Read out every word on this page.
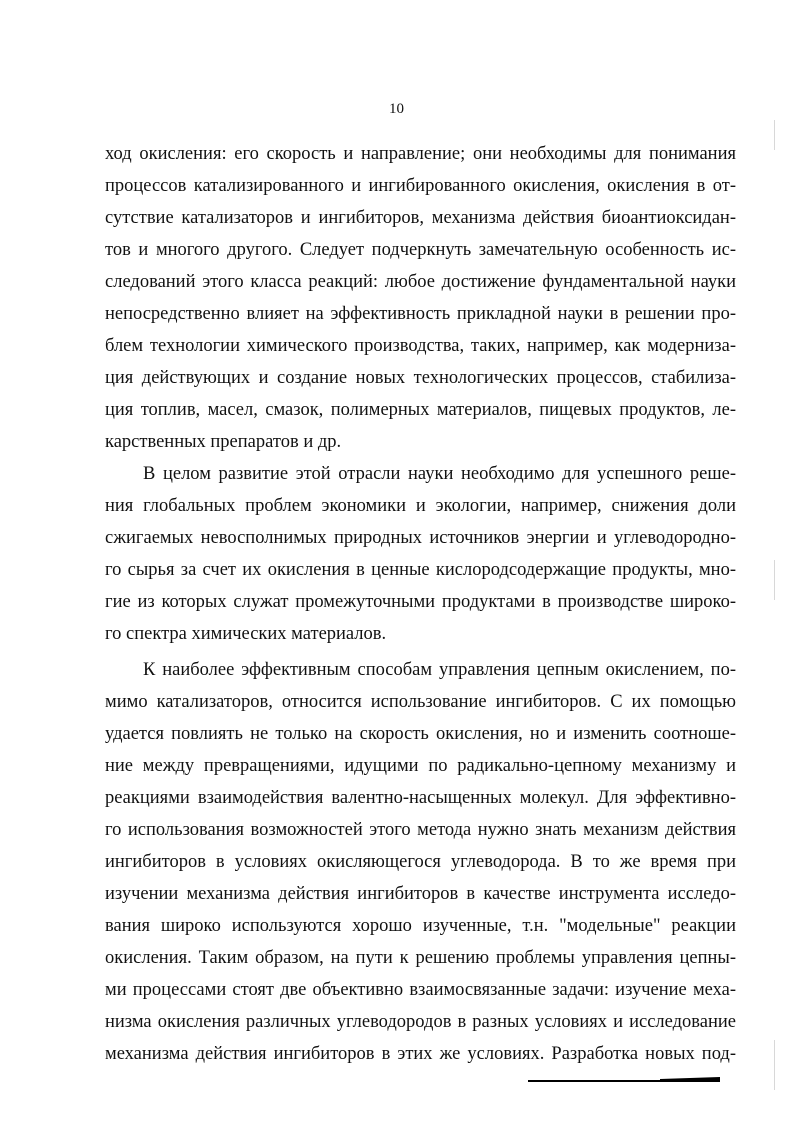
10
ход окисления: его скорость и направление; они необходимы для понимания
процессов катализированного и ингибированного окисления, окисления в от-
сутствие катализаторов и ингибиторов, механизма действия биоантиоксидан-
тов и многого другого. Следует подчеркнуть замечательную особенность ис-
следований этого класса реакций: любое достижение фундаментальной науки
непосредственно влияет на эффективность прикладной науки в решении про-
блем технологии химического производства, таких, например, как модерниза-
ция действующих и создание новых технологических процессов, стабилиза-
ция топлив, масел, смазок, полимерных материалов, пищевых продуктов, ле-
карственных препаратов и др.
В целом развитие этой отрасли науки необходимо для успешного реше-
ния глобальных проблем экономики и экологии, например, снижения доли
сжигаемых невосполнимых природных источников энергии и углеводородно-
го сырья за счет их окисления в ценные кислородсодержащие продукты, мно-
гие из которых служат промежуточными продуктами в производстве широко-
го спектра химических материалов.
К наиболее эффективным способам управления цепным окислением, по-
мимо катализаторов, относится использование ингибиторов. С их помощью
удается повлиять не только на скорость окисления, но и изменить соотноше-
ние между превращениями, идущими по радикально-цепному механизму и
реакциями взаимодействия валентно-насыщенных молекул. Для эффективно-
го использования возможностей этого метода нужно знать механизм действия
ингибиторов в условиях окисляющегося углеводорода. В то же время при
изучении механизма действия ингибиторов в качестве инструмента исследо-
вания широко используются хорошо изученные, т.н. "модельные" реакции
окисления. Таким образом, на пути к решению проблемы управления цепны-
ми процессами стоят две объективно взаимосвязанные задачи: изучение меха-
низма окисления различных углеводородов в разных условиях и исследование
механизма действия ингибиторов в этих же условиях. Разработка новых под-
